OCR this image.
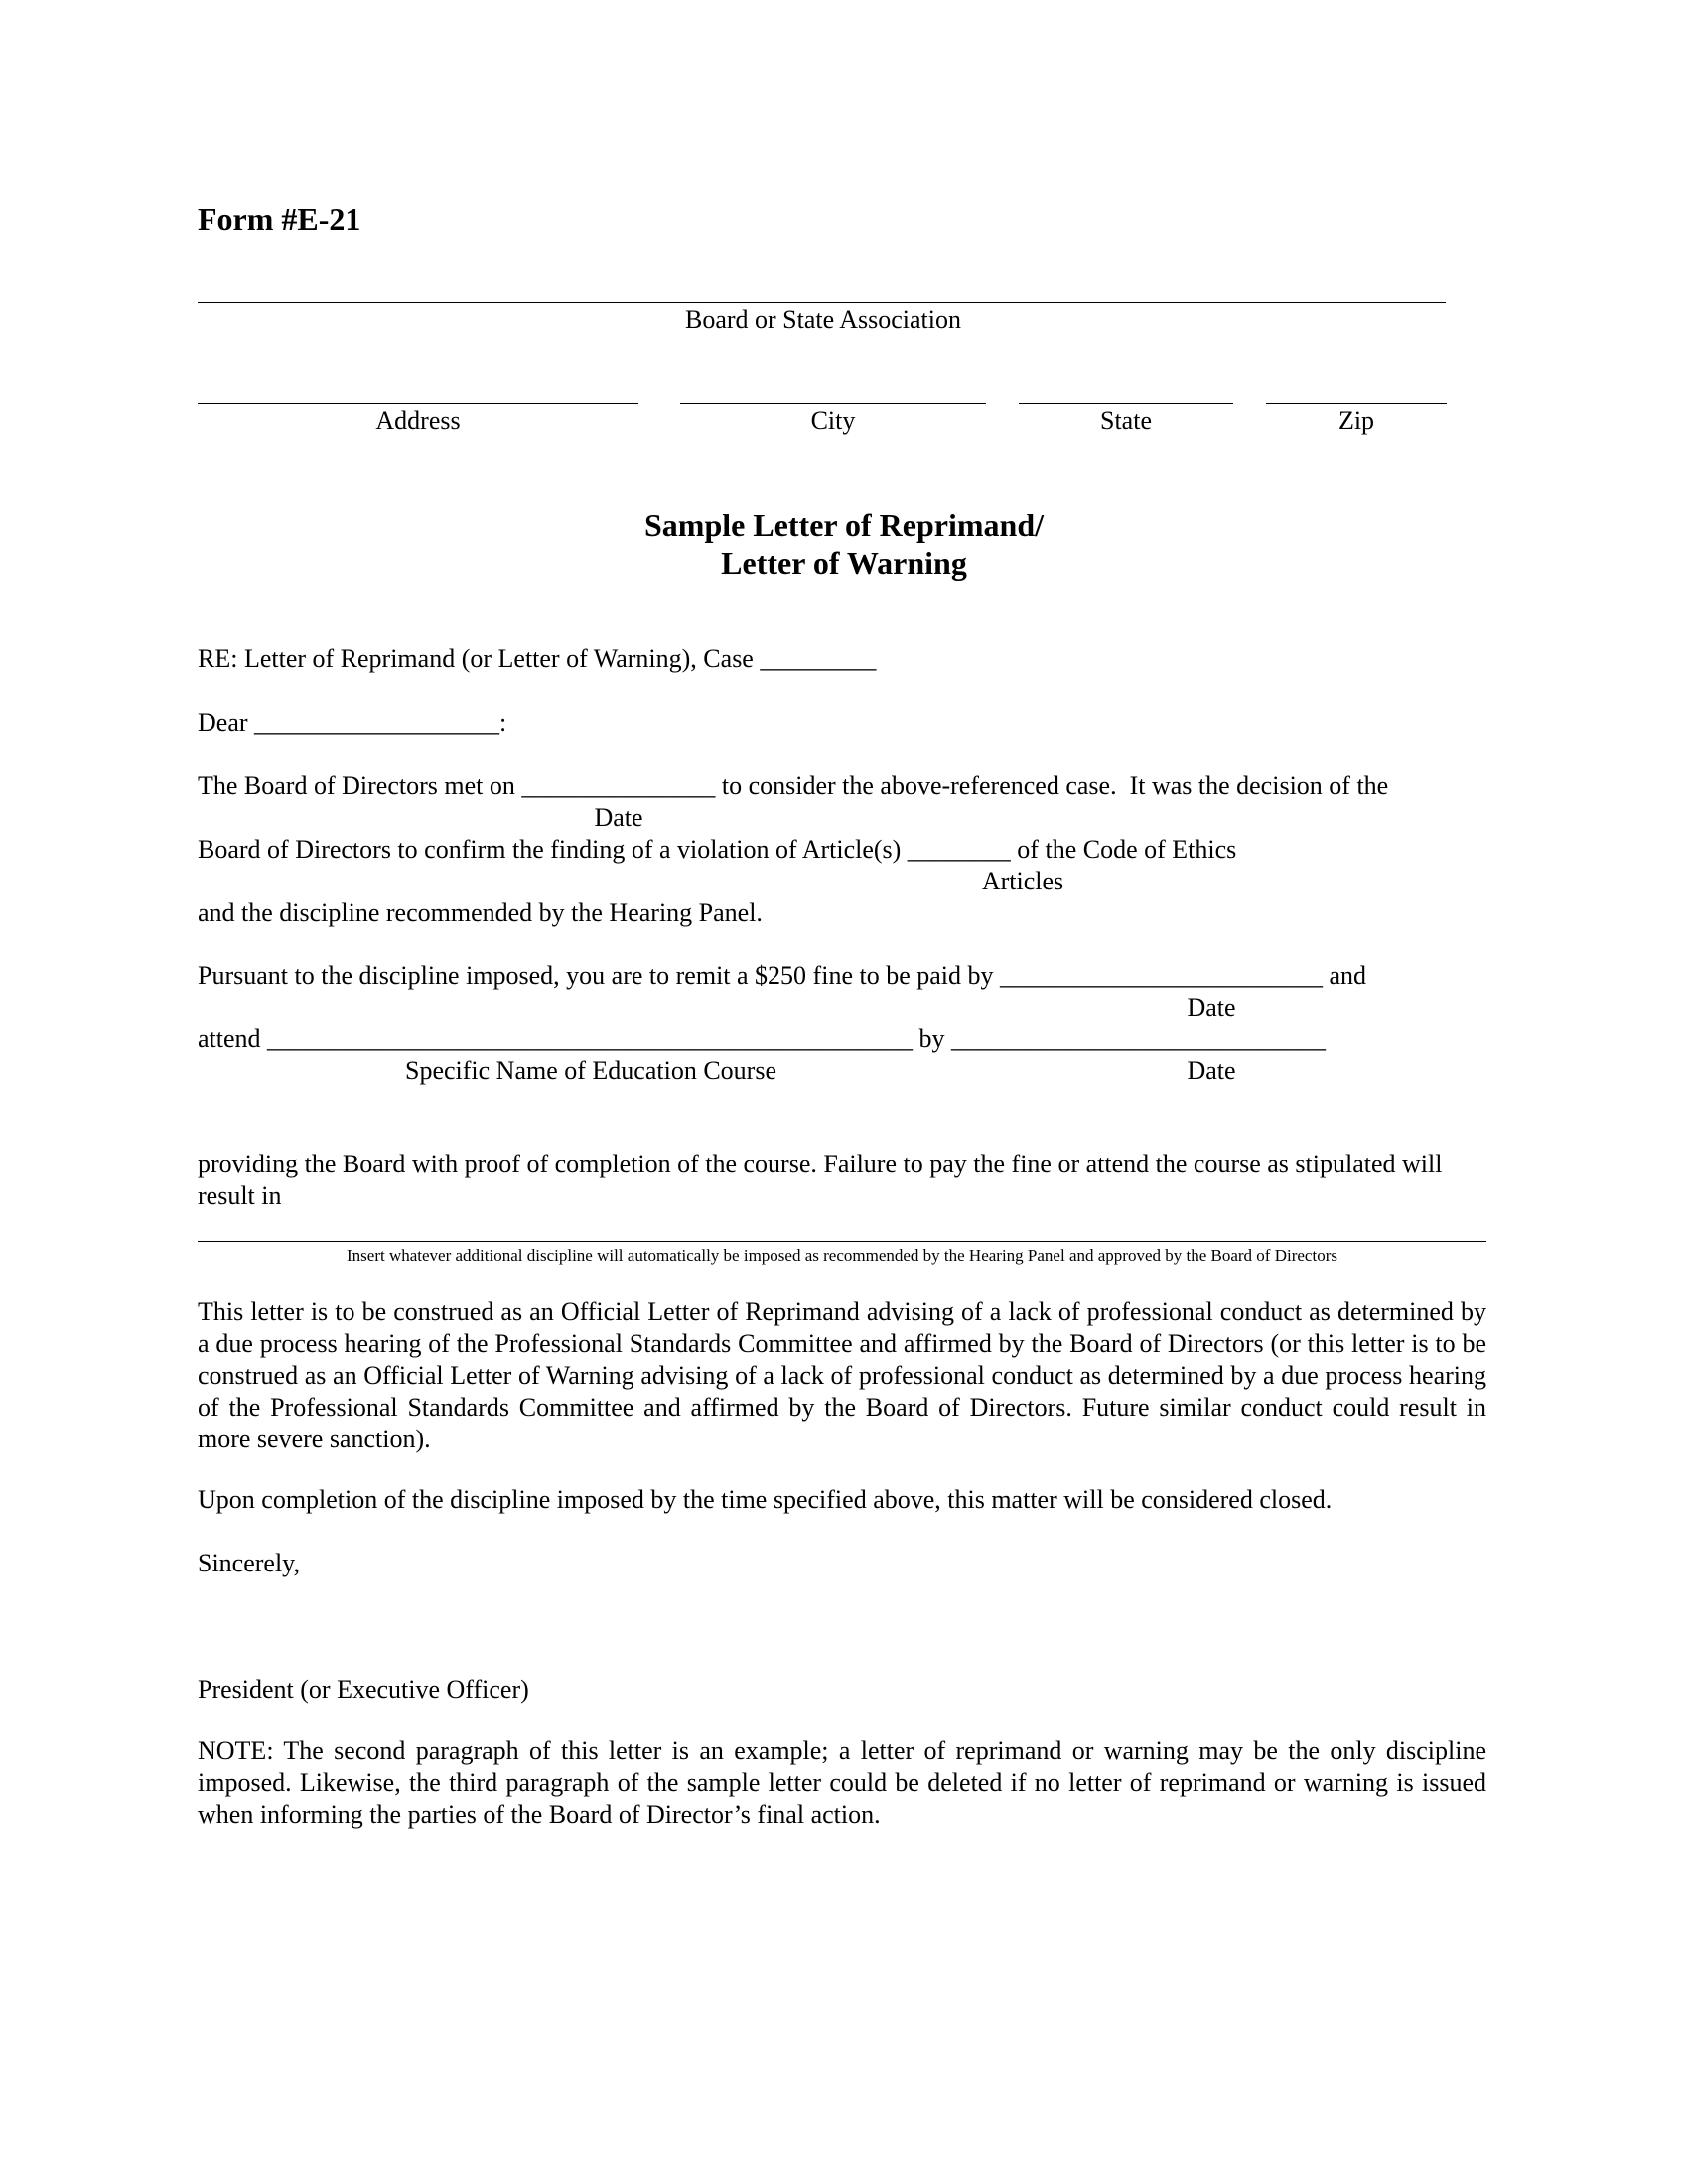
Form #E-21
Board or State Association
Address	City	State	Zip
Sample Letter of Reprimand/
Letter of Warning
RE: Letter of Reprimand (or Letter of Warning), Case _________
Dear ___________________:
The Board of Directors met on _______________ to consider the above-referenced case.  It was the decision of the
Date
Board of Directors to confirm the finding of a violation of Article(s) ________ of the Code of Ethics
Articles
and the discipline recommended by the Hearing Panel.
Pursuant to the discipline imposed, you are to remit a $250 fine to be paid by _________________________ and
Date
attend __________________________________________________ by _____________________________
Specific Name of Education Course	Date
providing the Board with proof of completion of the course. Failure to pay the fine or attend the course as stipulated will result in
Insert whatever additional discipline will automatically be imposed as recommended by the Hearing Panel and approved by the Board of Directors
This letter is to be construed as an Official Letter of Reprimand advising of a lack of professional conduct as determined by a due process hearing of the Professional Standards Committee and affirmed by the Board of Directors (or this letter is to be construed as an Official Letter of Warning advising of a lack of professional conduct as determined by a due process hearing of the Professional Standards Committee and affirmed by the Board of Directors. Future similar conduct could result in more severe sanction).
Upon completion of the discipline imposed by the time specified above, this matter will be considered closed.
Sincerely,
President (or Executive Officer)
NOTE: The second paragraph of this letter is an example; a letter of reprimand or warning may be the only discipline imposed. Likewise, the third paragraph of the sample letter could be deleted if no letter of reprimand or warning is issued when informing the parties of the Board of Director’s final action.
